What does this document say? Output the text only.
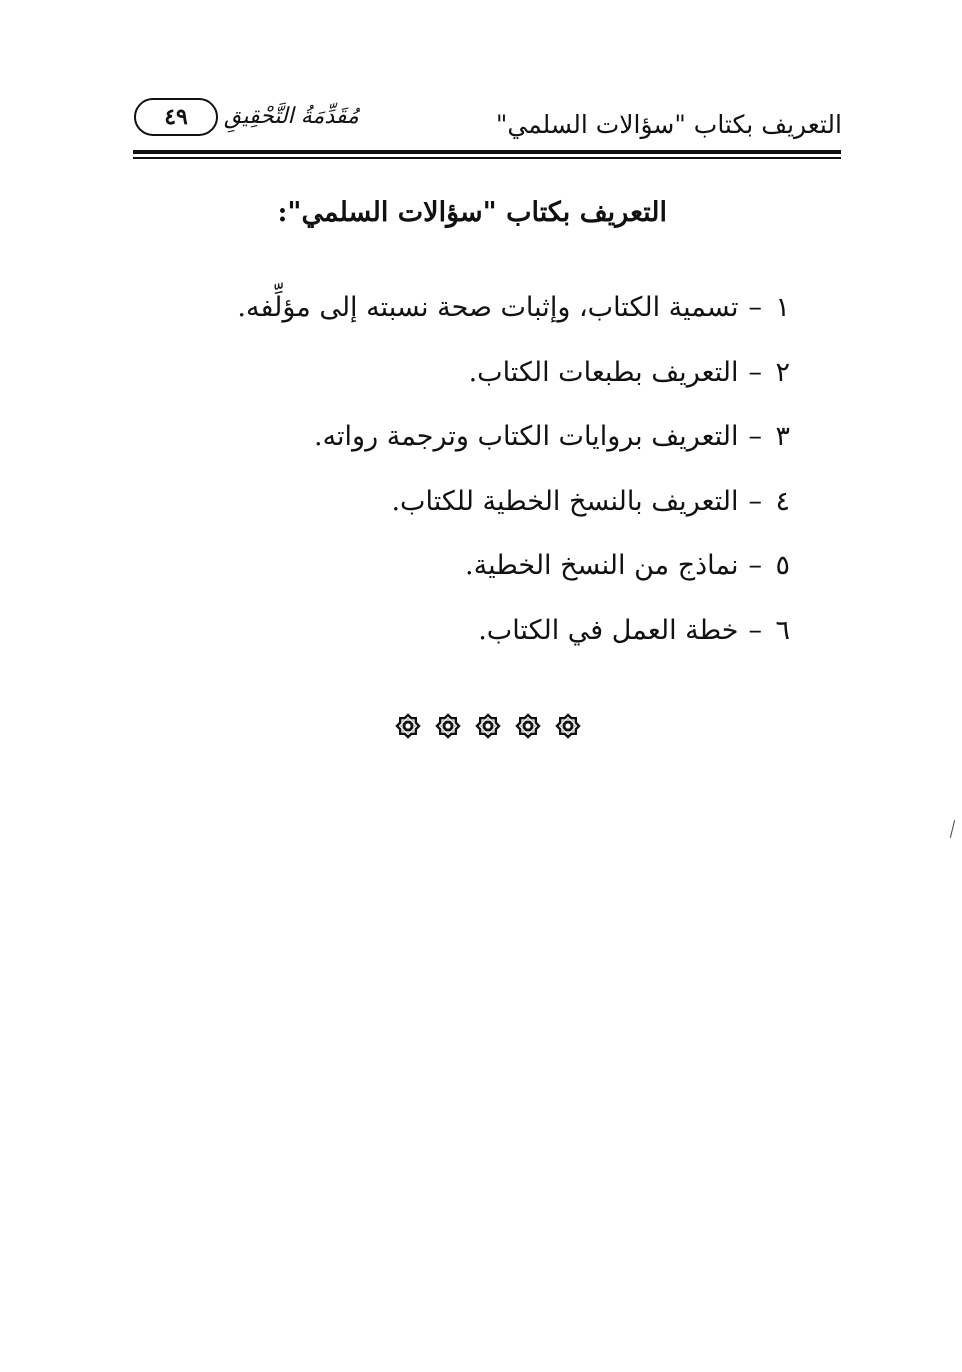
التعريف بكتاب "سؤالات السلمي"
مُقَدِّمَةُ التَّحْقِيقِ
٤٩
التعريف بكتاب "سؤالات السلمي":
١–تسمية الكتاب، وإثبات صحة نسبته إلى مؤلِّفه.
٢–التعريف بطبعات الكتاب.
٣–التعريف بروايات الكتاب وترجمة رواته.
٤–التعريف بالنسخ الخطية للكتاب.
٥–نماذج من النسخ الخطية.
٦–خطة العمل في الكتاب.
